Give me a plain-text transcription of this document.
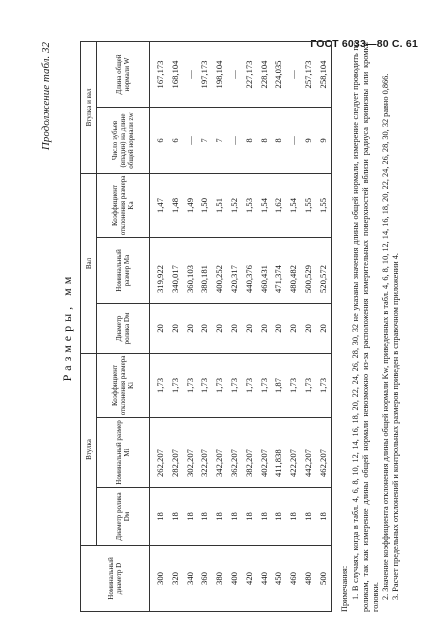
ГОСТ 6033—80 С. 61
Продолжение табл. 32
Размеры, мм
Номинальный диаметр D	Втулка			Вал			Втулка и вал	
	Диаметр ролика Dм	Номинальный размер Mi	Коэффициент отклонения размера Ki	Диаметр ролика Dм	Номинальный размер Ma	Коэффициент отклонения размера Ka	Число зубьев (впадин) на длине общей нормали zw	Длина общей нормали W
300	18	262,207	1,73	20	319,922	1,47	6	167,173
320	18	282,207	1,73	20	340,017	1,48	6	168,104
340	18	302,207	1,73	20	360,103	1,49	—	—
360	18	322,207	1,73	20	380,181	1,50	7	197,173
380	18	342,207	1,73	20	400,252	1,51	7	198,104
400	18	362,207	1,73	20	420,317	1,52	—	—
420	18	382,207	1,73	20	440,376	1,53	8	227,173
440	18	402,207	1,73	20	460,431	1,54	8	228,104
450	18	411,838	1,87	20	471,374	1,62	8	224,035
460	18	422,207	1,73	20	480,482	1,54	—	—
480	18	442,207	1,73	20	500,529	1,55	9	257,173
500	18	462,207	1,73	20	520,572	1,55	9	258,104

Примечания: 1. В случаях, когда в табл. 4, 6, 8, 10, 12, 14, 16, 18, 20, 22, 24, 26, 28, 30, 32 не указаны значения длины общей нормали, измерение следует проводить по роликам, так как измерение длины общей нормали невозможно из-за расположения измерительных поверхностей вблизи радиуса кривизны или кромки головки. 2. Значение коэффициента отклонения длины общей нормали Kw, приведенных в табл. 4, 6, 8, 10, 12, 14, 16, 18, 20, 22, 24, 26, 28, 30, 32 равно 0,866. 3. Расчет предельных отклонений и контрольных размеров приведен в справочном приложении 4.
